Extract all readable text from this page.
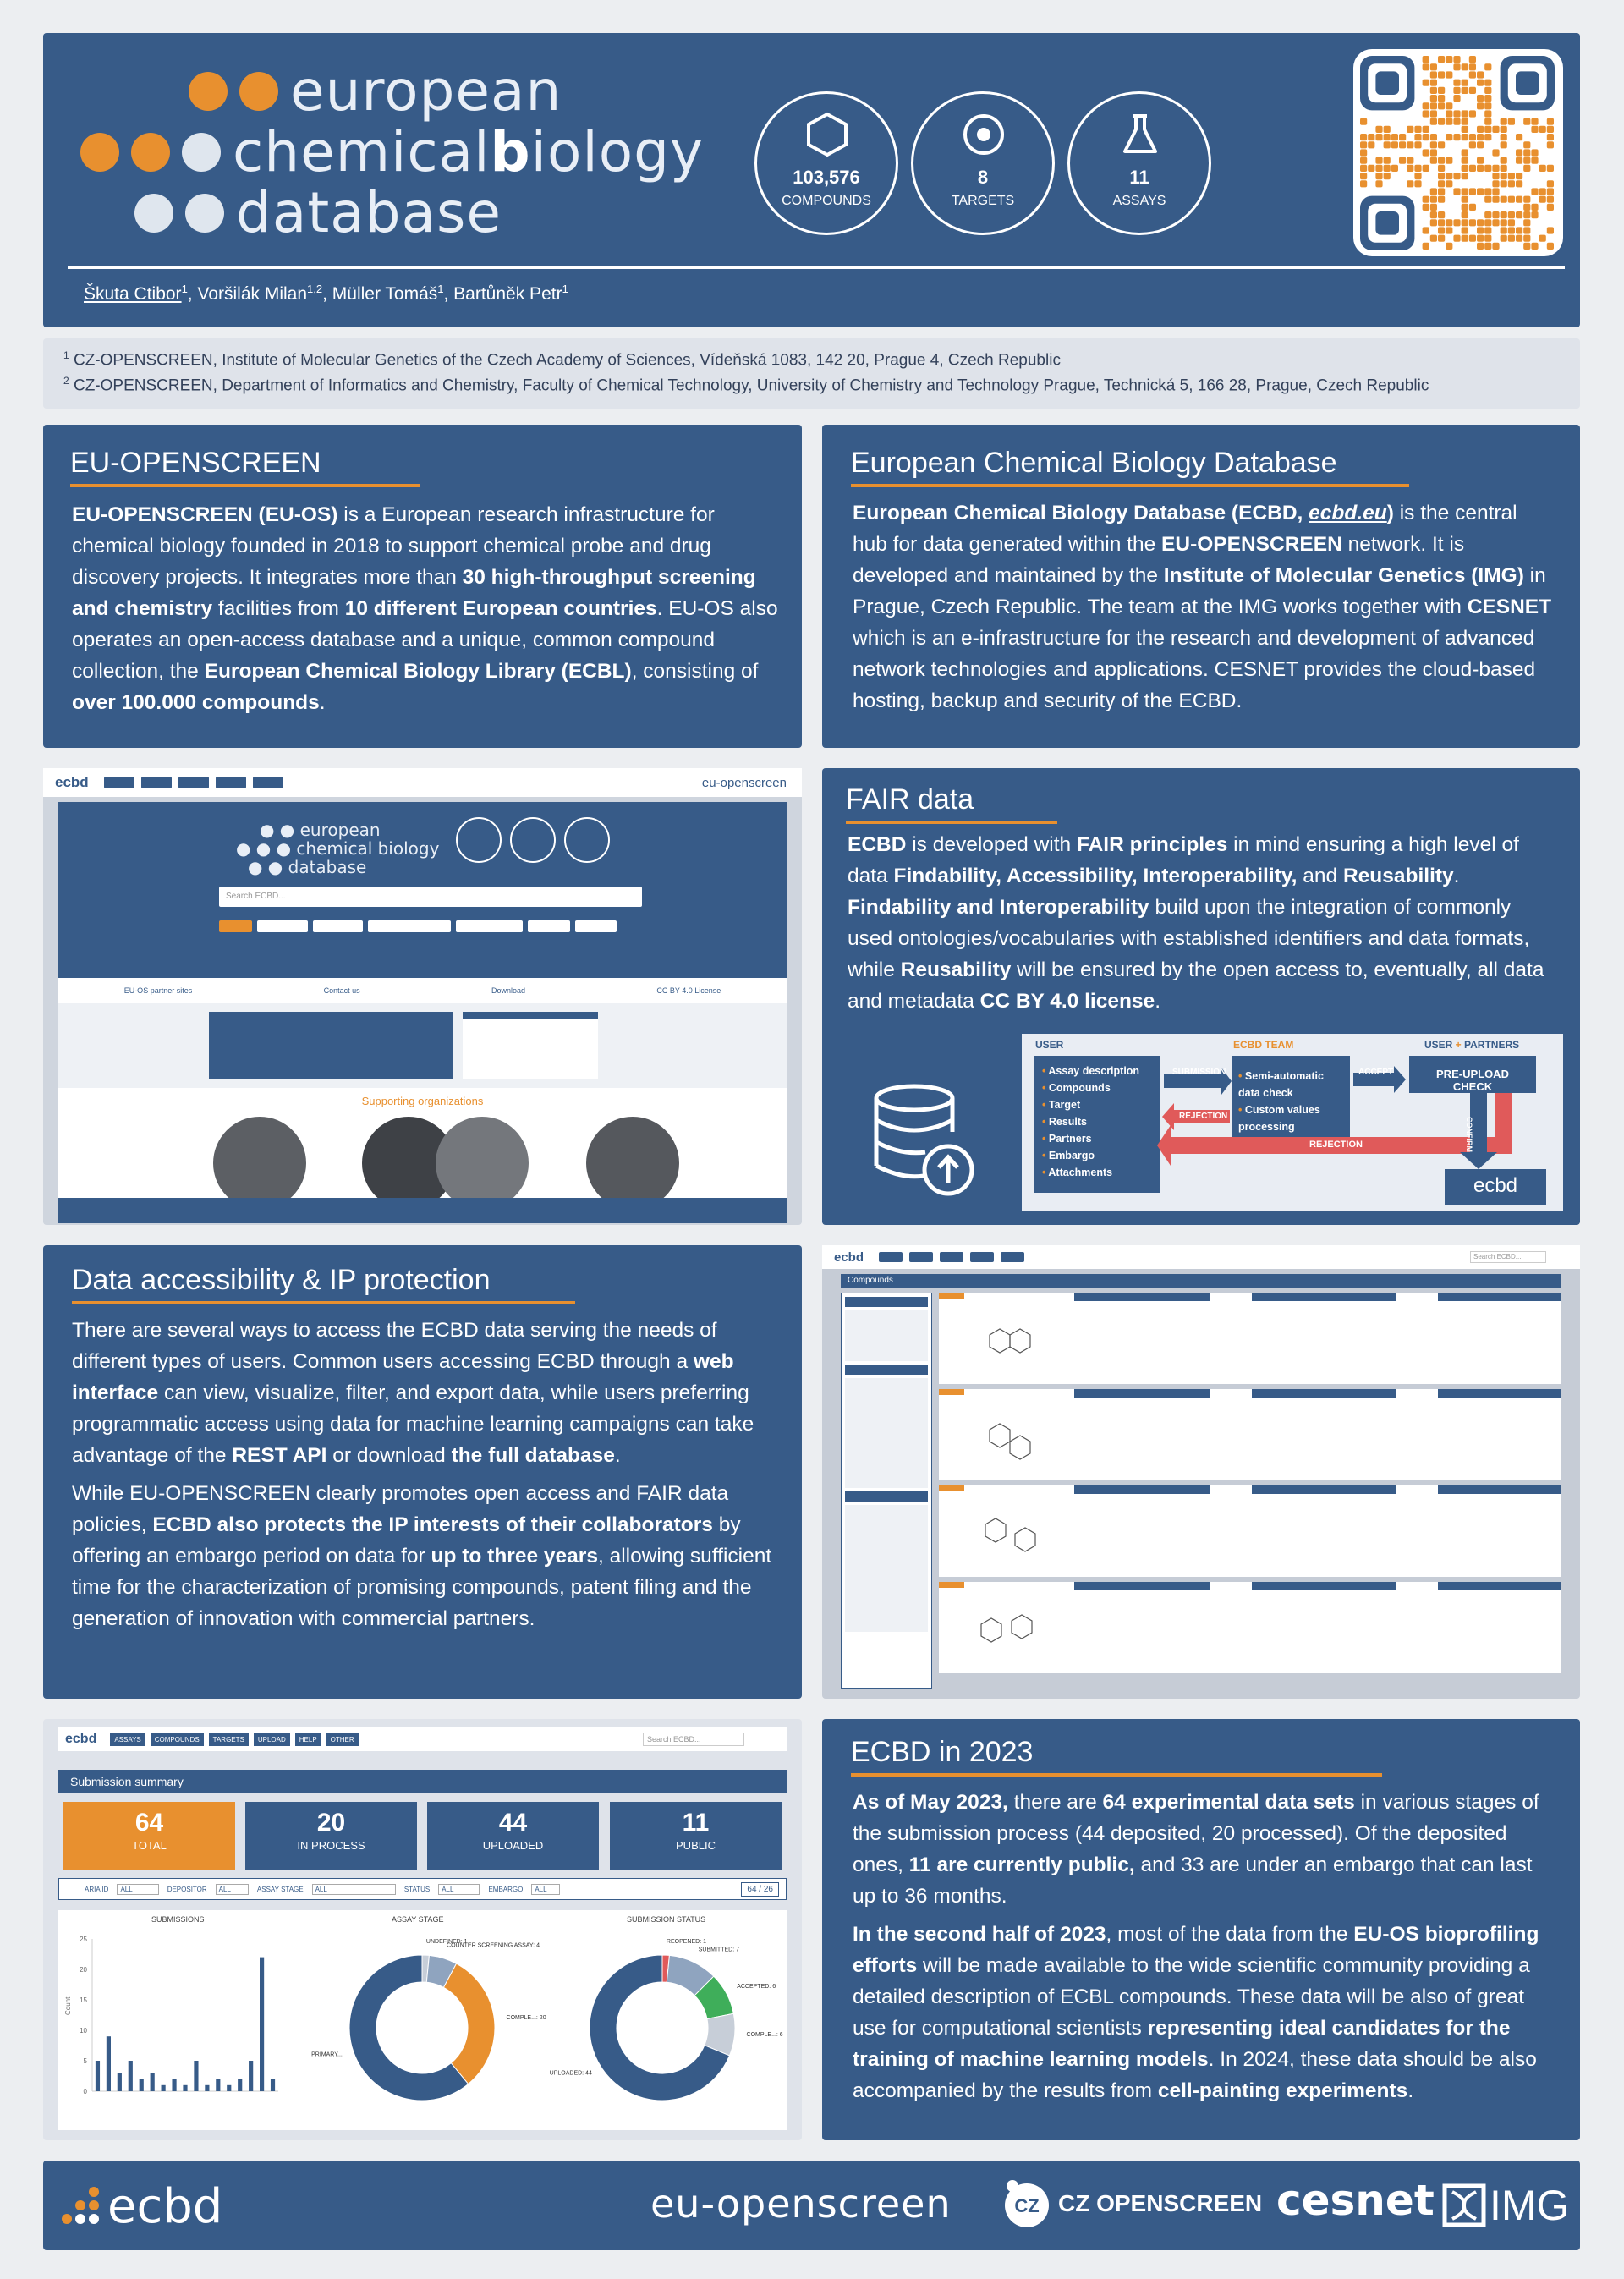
european
chemical b iology
database
103,576
COMPOUNDS
8
TARGETS
11
ASSAYS
Škuta Ctibor$^1$, Voršilák Milan$^{1,2}$, Müller Tomáš$^1$, Bartůněk Petr$^1$
$^1$ CZ-OPENSCREEN, Institute of Molecular Genetics of the Czech Academy of Sciences, Vídeňská 1083, 142 20, Prague 4, Czech Republic
$^2$ CZ-OPENSCREEN, Department of Informatics and Chemistry, Faculty of Chemical Technology, University of Chemistry and Technology Prague, Technická 5, 166 28, Prague, Czech Republic
EU-OPENSCREEN
EU-OPENSCREEN (EU-OS) is a European research infrastructure for chemical biology founded in 2018 to support chemical probe and drug discovery projects. It integrates more than 30 high-throughput screening and chemistry facilities from 10 different European countries. EU-OS also operates an open-access database and a unique, common compound collection, the European Chemical Biology Library (ECBL), consisting of over 100.000 compounds.
European Chemical Biology Database
European Chemical Biology Database (ECBD, ecbd.eu) is the central hub for data generated within the EU-OPENSCREEN network. It is developed and maintained by the Institute of Molecular Genetics (IMG) in Prague, Czech Republic. The team at the IMG works together with CESNET which is an e-infrastructure for the research and development of advanced network technologies and applications. CESNET provides the cloud-based hosting, backup and security of the ECBD.
ecbd	eu-openscreen
● ● european
● ● ● chemical biology
● ● database
Search ECBD...
EU-OS partner sites	Contact us	Download	CC BY 4.0 License
Supporting organizations
FAIR data
ECBD is developed with FAIR principles in mind ensuring a high level of data Findability, Accessibility, Interoperability, and Reusability. Findability and Interoperability build upon the integration of commonly used ontologies/vocabularies with established identifiers and data formats, while Reusability will be ensured by the open access to, eventually, all data and metadata CC BY 4.0 license.
USER
• Assay description
• Compounds
• Target
• Results
• Partners
• Embargo
• Attachments
ECBD TEAM
• Semi-automatic data check
• Custom values processing
SUBMISSION
REJECTION
ACCEPT
REJECTION
USER + PARTNERS
PRE-UPLOAD CHECK
CONFIRM
ecbd
Data accessibility & IP protection

There are several ways to access the ECBD data serving the needs of different types of users. Common users accessing ECBD through a web interface can view, visualize, filter, and export data, while users preferring programmatic access using data for machine learning campaigns can take advantage of the REST API or download the full database.

While EU-OPENSCREEN clearly promotes open access and FAIR data policies, ECBD also protects the IP interests of their collaborators by offering an embargo period on data for up to three years, allowing sufficient time for the characterization of promising compounds, patent filing and the generation of innovation with commercial partners.

ecbd	Search ECBD...
Compounds
ecbd	ASSAYS	COMPOUNDS	TARGETS	UPLOAD	HELP	OTHER	Search ECBD...
Submission summary
64
TOTAL
20
IN PROCESS
44
UPLOADED
11
PUBLIC
ARIA ID	ALL	DEPOSITOR	ALL	ASSAY STAGE	ALL	STATUS	ALL	EMBARGO	ALL	64 / 26
SUBMISSIONS	ASSAY STAGE	SUBMISSION STATUS
0
5
10
15
20
25
Count
UNDEFINED: 1
COUNTER SCREENING ASSAY: 4
COMPLE...: 20
PRIMARY...
REOPENED: 1
SUBMITTED: 7
ACCEPTED: 6
COMPLE...: 6
UPLOADED: 44
ECBD in 2023

As of May 2023, there are 64 experimental data sets in various stages of the submission process (44 deposited, 20 processed). Of the deposited ones, 11 are currently public, and 33 are under an embargo that can last up to 36 months.

In the second half of 2023, most of the data from the EU-OS bioprofiling efforts will be made available to the wide scientific community providing a detailed description of ECBL compounds. These data will be also of great use for computational scientists representing ideal candidates for the training of machine learning models. In 2024, these data should be also accompanied by the results from cell-painting experiments.

ecbd	eu-openscreen	CZ CZ OPENSCREEN cesnet IMG
